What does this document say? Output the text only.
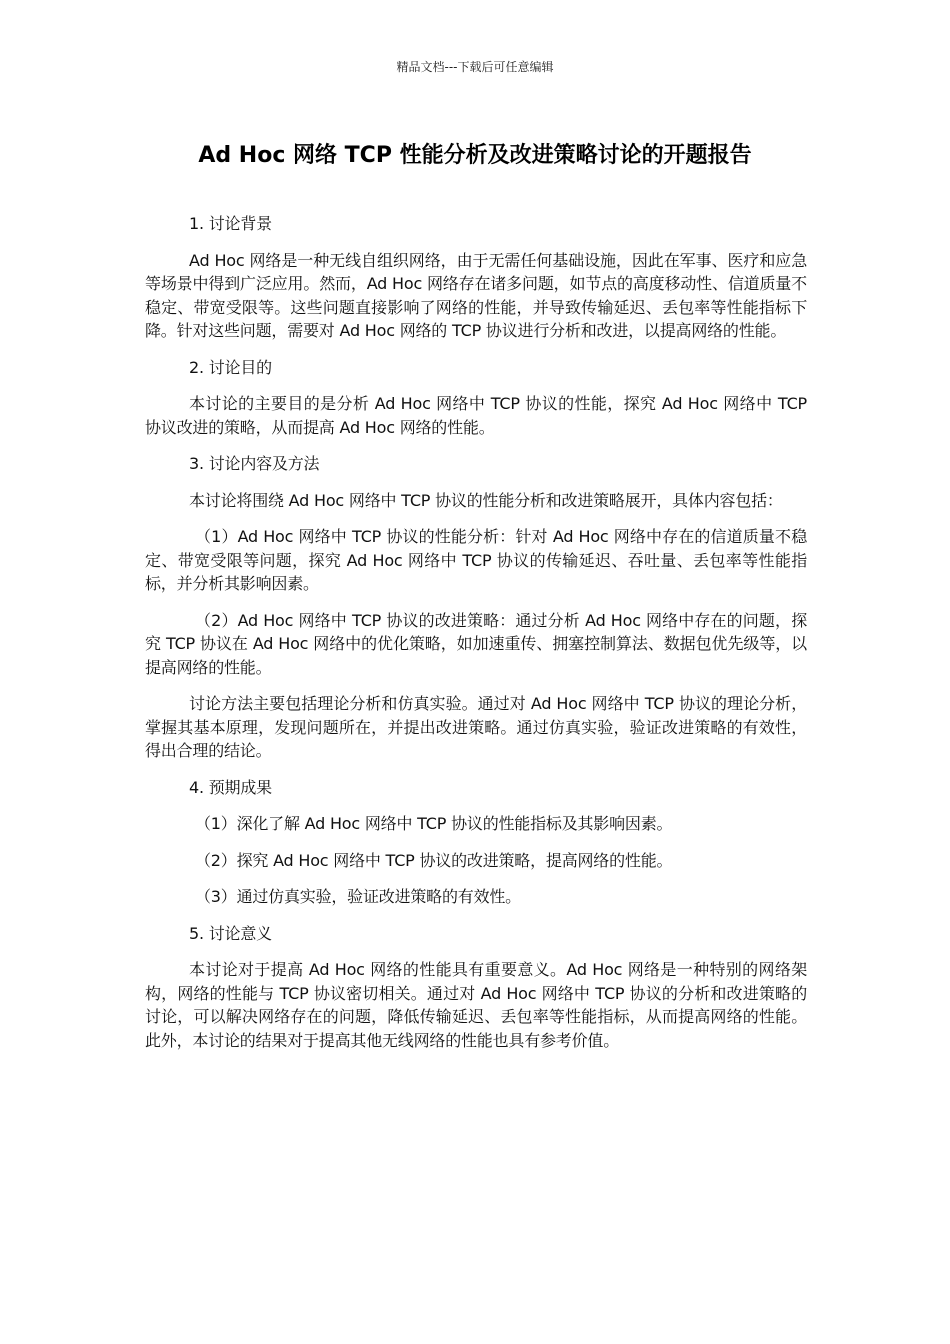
精品文档---下载后可任意编辑
Ad Hoc 网络 TCP 性能分析及改进策略讨论的开题报告
1. 讨论背景
Ad Hoc 网络是一种无线自组织网络，由于无需任何基础设施，因此在军事、医疗和应急等场景中得到广泛应用。然而，Ad Hoc 网络存在诸多问题，如节点的高度移动性、信道质量不稳定、带宽受限等。这些问题直接影响了网络的性能，并导致传输延迟、丢包率等性能指标下降。针对这些问题，需要对 Ad Hoc 网络的 TCP 协议进行分析和改进，以提高网络的性能。
2. 讨论目的
本讨论的主要目的是分析 Ad Hoc 网络中 TCP 协议的性能，探究 Ad Hoc 网络中 TCP 协议改进的策略，从而提高 Ad Hoc 网络的性能。
3. 讨论内容及方法
本讨论将围绕 Ad Hoc 网络中 TCP 协议的性能分析和改进策略展开，具体内容包括：
（1）Ad Hoc 网络中 TCP 协议的性能分析：针对 Ad Hoc 网络中存在的信道质量不稳定、带宽受限等问题，探究 Ad Hoc 网络中 TCP 协议的传输延迟、吞吐量、丢包率等性能指标，并分析其影响因素。
（2）Ad Hoc 网络中 TCP 协议的改进策略：通过分析 Ad Hoc 网络中存在的问题，探究 TCP 协议在 Ad Hoc 网络中的优化策略，如加速重传、拥塞控制算法、数据包优先级等，以提高网络的性能。
讨论方法主要包括理论分析和仿真实验。通过对 Ad Hoc 网络中 TCP 协议的理论分析，掌握其基本原理，发现问题所在，并提出改进策略。通过仿真实验，验证改进策略的有效性，得出合理的结论。
4. 预期成果
（1）深化了解 Ad Hoc 网络中 TCP 协议的性能指标及其影响因素。
（2）探究 Ad Hoc 网络中 TCP 协议的改进策略，提高网络的性能。
（3）通过仿真实验，验证改进策略的有效性。
5. 讨论意义
本讨论对于提高 Ad Hoc 网络的性能具有重要意义。Ad Hoc 网络是一种特别的网络架构，网络的性能与 TCP 协议密切相关。通过对 Ad Hoc 网络中 TCP 协议的分析和改进策略的讨论，可以解决网络存在的问题，降低传输延迟、丢包率等性能指标，从而提高网络的性能。此外，本讨论的结果对于提高其他无线网络的性能也具有参考价值。
